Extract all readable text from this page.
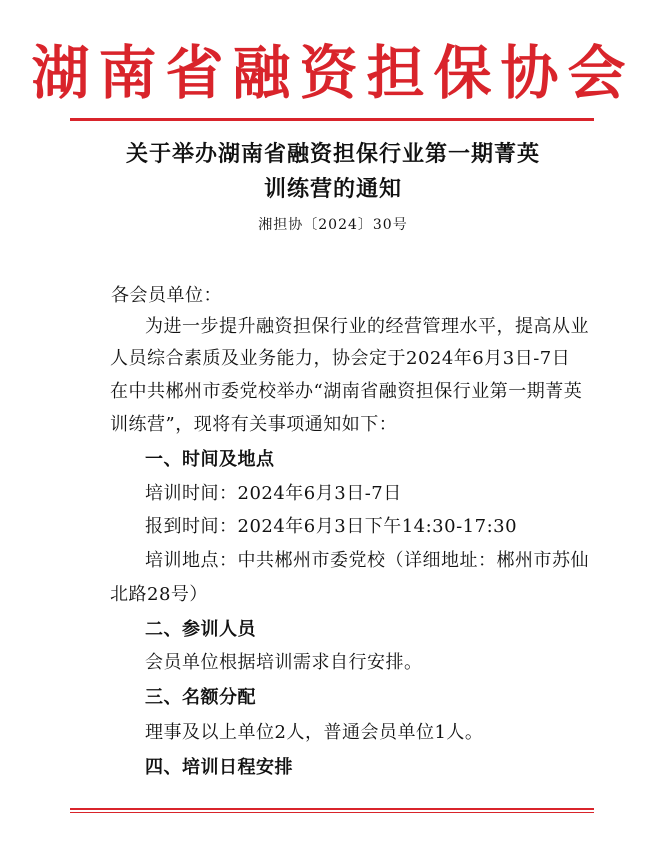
湖南省融资担保协会
关于举办湖南省融资担保行业第一期菁英
训练营的通知
湘担协〔2024〕30号
各会员单位：
为进一步提升融资担保行业的经营管理水平，提高从业
人员综合素质及业务能力，协会定于2024年6月3日-7日
在中共郴州市委党校举办“湖南省融资担保行业第一期菁英
训练营”，现将有关事项通知如下：
一、时间及地点
培训时间：2024年6月3日-7日
报到时间：2024年6月3日下午14:30-17:30
培训地点：中共郴州市委党校（详细地址：郴州市苏仙
北路28号）
二、参训人员
会员单位根据培训需求自行安排。
三、名额分配
理事及以上单位2人，普通会员单位1人。
四、培训日程安排
